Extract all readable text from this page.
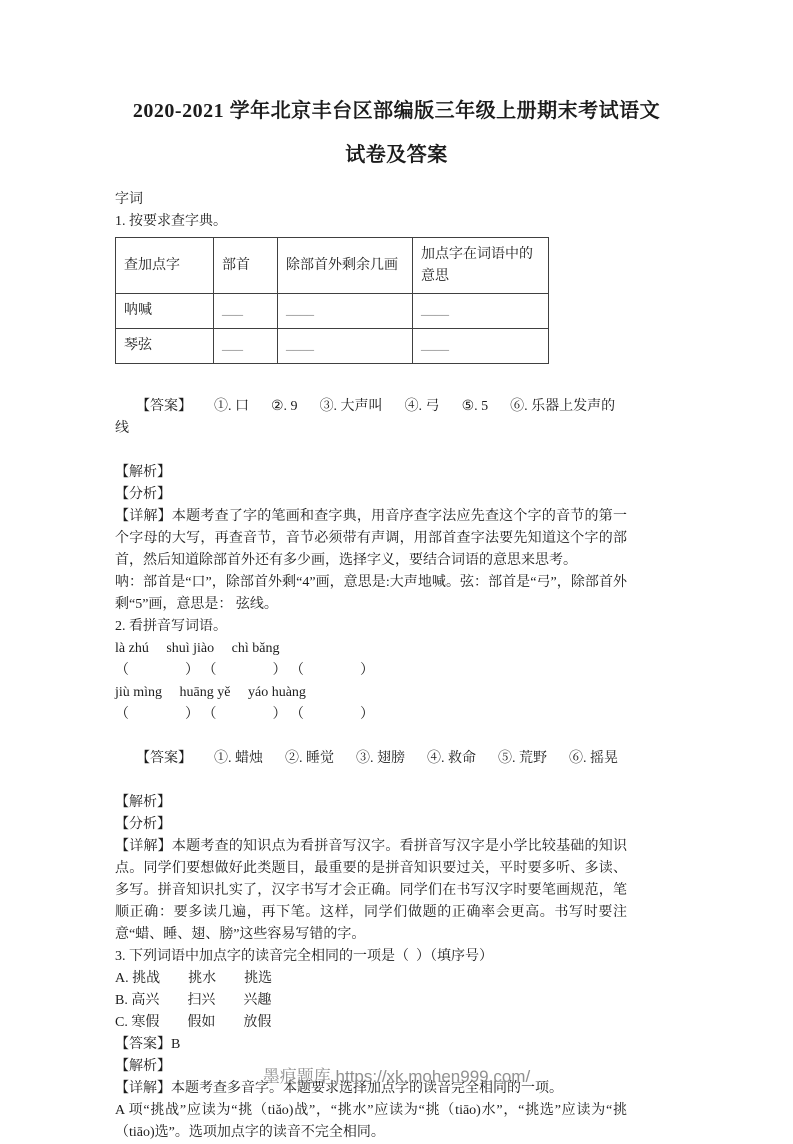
2020-2021 学年北京丰台区部编版三年级上册期末考试语文
试卷及答案
字词
1. 按要求查字典。
查加点字	部首	除部首外剩余几画	加点字在词语中的意思
呐喊	___	____	____
琴弦	___	____	____

【答案】 ①. 口 ②. 9 ③. 大声叫 ④. 弓 ⑤. 5 ⑥. 乐器上发声的线

【解析】
【分析】
【详解】本题考查了字的笔画和查字典，用音序查字法应先查这个字的音节的第一个字母的大写，再查音节，音节必须带有声调，用部首查字法要先知道这个字的部首，然后知道除部首外还有多少画，选择字义，要结合词语的意思来思考。
呐：部首是“口”，除部首外剩“4”画，意思是:大声地喊。弦：部首是“弓”，除部首外剩“5”画，意思是： 弦线。
2. 看拼音写词语。
là zhú     shuì jiào     chì bǎng
（　　　　） （　　　　） （　　　　）
jiù mìng     huāng yě     yáo huàng
（　　　　） （　　　　） （　　　　）

【答案】 ①. 蜡烛 ②. 睡觉 ③. 翅膀 ④. 救命 ⑤. 荒野 ⑥. 摇晃

【解析】
【分析】
【详解】本题考查的知识点为看拼音写汉字。看拼音写汉字是小学比较基础的知识点。同学们要想做好此类题目，最重要的是拼音知识要过关，平时要多听、多读、多写。拼音知识扎实了，汉字书写才会正确。同学们在书写汉字时要笔画规范，笔顺正确：要多读几遍，再下笔。这样，同学们做题的正确率会更高。书写时要注意“蜡、睡、翅、膀”这些容易写错的字。
3. 下列词语中加点字的读音完全相同的一项是（  ）（填序号）
A. 挑战　　挑水　　挑选
B. 高兴　　扫兴　　兴趣
C. 寒假　　假如　　放假
【答案】B
【解析】
【详解】本题考查多音字。本题要求选择加点字的读音完全相同的一项。
A 项“挑战”应读为“挑（tiǎo)战”，“挑水”应读为“挑（tiāo)水”，“挑选”应读为“挑（tiāo)选”。选项加点字的读音不完全相同。
墨痕题库 https://xk.mohen999.com/
